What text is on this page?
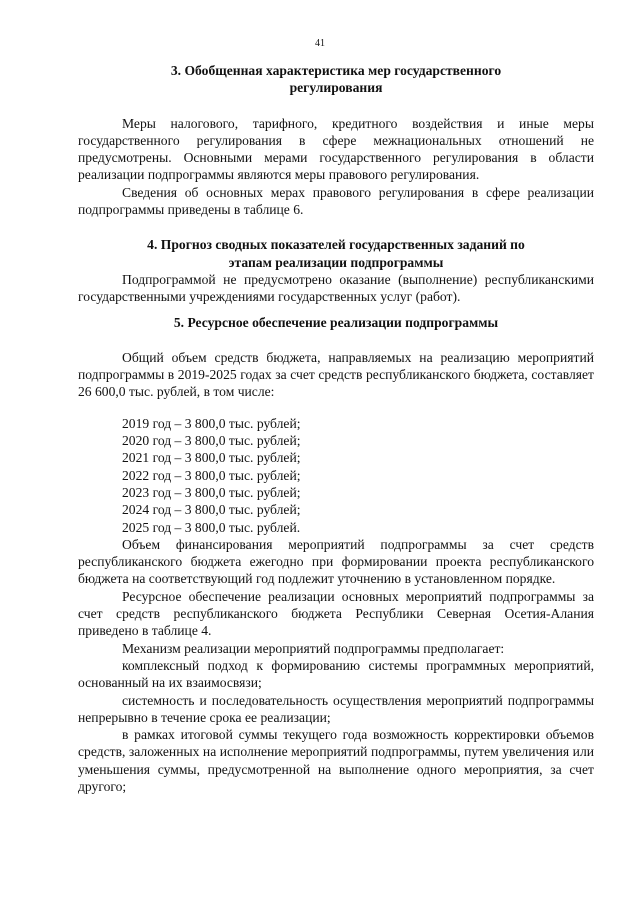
41
3. Обобщенная характеристика мер государственного
регулирования

Меры налогового, тарифного, кредитного воздействия и иные меры государственного регулирования в сфере межнациональных отношений не предусмотрены. Основными мерами государственного регулирования в области реализации подпрограммы являются меры правового регулирования.

Сведения об основных мерах правового регулирования в сфере реализации подпрограммы приведены в таблице 6.

4. Прогноз сводных показателей государственных заданий по
этапам реализации подпрограммы

Подпрограммой не предусмотрено оказание (выполнение) республиканскими государственными учреждениями государственных услуг (работ).

5. Ресурсное обеспечение реализации подпрограммы

Общий объем средств бюджета, направляемых на реализацию мероприятий подпрограммы в 2019-2025 годах за счет средств республиканского бюджета, составляет 26 600,0 тыс. рублей, в том числе:

2019 год – 3 800,0 тыс. рублей;
2020 год – 3 800,0 тыс. рублей;
2021 год – 3 800,0 тыс. рублей;
2022 год – 3 800,0 тыс. рублей;
2023 год – 3 800,0 тыс. рублей;
2024 год – 3 800,0 тыс. рублей;
2025 год – 3 800,0 тыс. рублей.

Объем финансирования мероприятий подпрограммы за счет средств республиканского бюджета ежегодно при формировании проекта республиканского бюджета на соответствующий год подлежит уточнению в установленном порядке.

Ресурсное обеспечение реализации основных мероприятий подпрограммы за счет средств республиканского бюджета Республики Северная Осетия-Алания приведено в таблице 4.

Механизм реализации мероприятий подпрограммы предполагает:

комплексный подход к формированию системы программных мероприятий, основанный на их взаимосвязи;

системность и последовательность осуществления мероприятий подпрограммы непрерывно в течение срока ее реализации;

в рамках итоговой суммы текущего года возможность корректировки объемов средств, заложенных на исполнение мероприятий подпрограммы, путем увеличения или уменьшения суммы, предусмотренной на выполнение одного мероприятия, за счет другого;
